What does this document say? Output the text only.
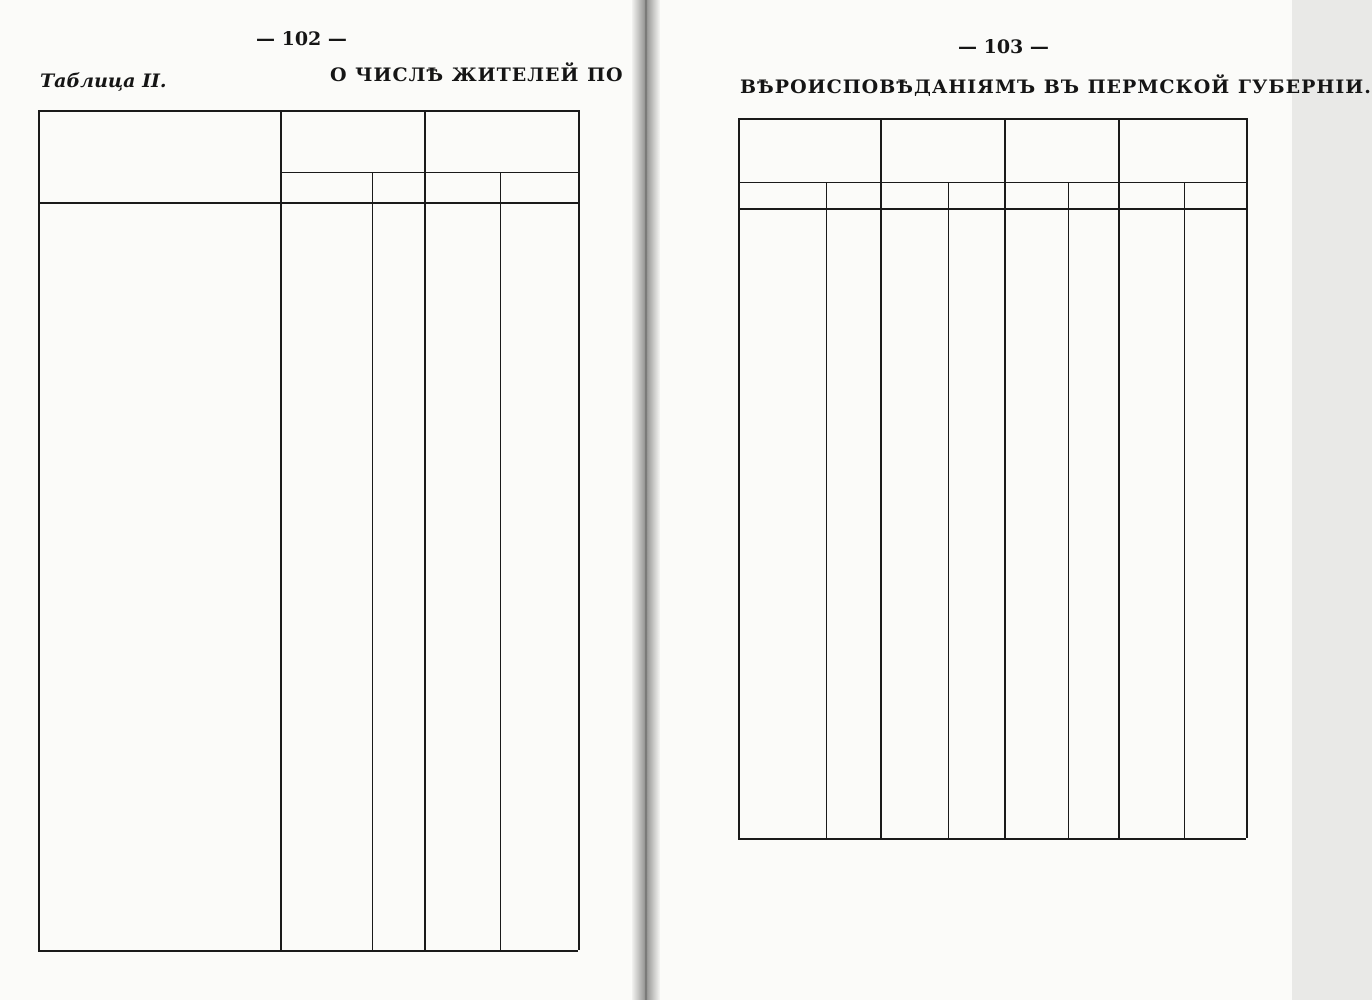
— 102 —
Таблица II.	О ЧИСЛѢ ЖИТЕЛЕЙ ПО
— 103 —
ВѢРОИСПОВѢДАНІЯМЪ ВЪ ПЕРМСКОЙ ГУБЕРНІИ.
